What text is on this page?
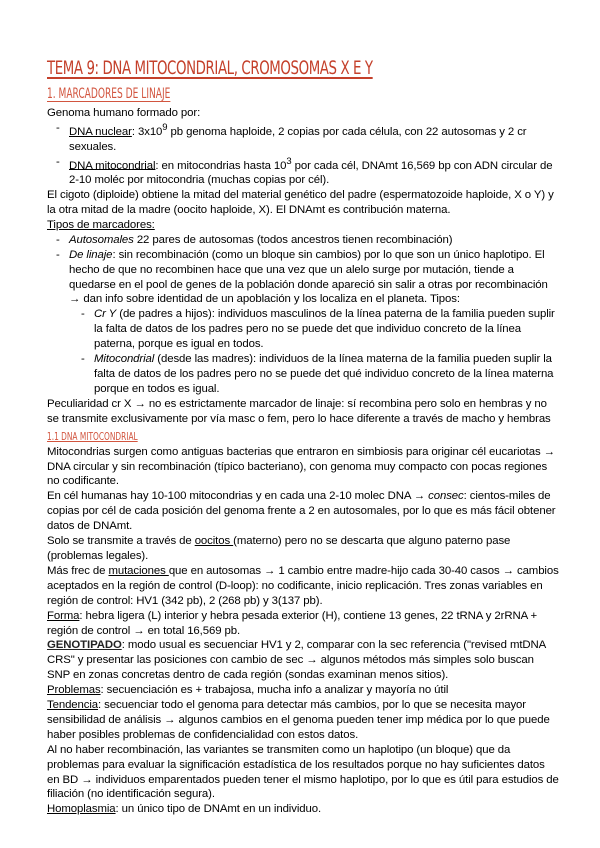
TEMA 9: DNA MITOCONDRIAL, CROMOSOMAS X E Y
1. MARCADORES DE LINAJE

Genoma humano formado por:

- DNA nuclear: $3x10^9$ pb genoma haploide, 2 copias por cada célula, con 22 autosomas y 2 cr sexuales.

- DNA mitocondrial: en mitocondrias hasta $10^3$ por cada cél, DNAmt 16,569 bp con ADN circular de 2-10 moléc por mitocondria (muchas copias por cél).

El cigoto (diploide) obtiene la mitad del material genético del padre (espermatozoide haploide, X o Y) y la otra mitad de la madre (oocito haploide, X). El DNAmt es contribución materna.

Tipos de marcadores:

- Autosomales 22 pares de autosomas (todos ancestros tienen recombinación)

- De linaje: sin recombinación (como un bloque sin cambios) por lo que son un único haplotipo. El hecho de que no recombinen hace que una vez que un alelo surge por mutación, tiende a quedarse en el pool de genes de la población donde apareció sin salir a otras por recombinación → dan info sobre identidad de un apoblación y los localiza en el planeta. Tipos:

- Cr Y (de padres a hijos): individuos masculinos de la línea paterna de la familia pueden suplir la falta de datos de los padres pero no se puede det que individuo concreto de la línea paterna, porque es igual en todos.

- Mitocondrial (desde las madres): individuos de la línea materna de la familia pueden suplir la falta de datos de los padres pero no se puede det qué individuo concreto de la línea materna porque en todos es igual.

Peculiaridad cr X → no es estrictamente marcador de linaje: sí recombina pero solo en hembras y no se transmite exclusivamente por vía masc o fem, pero lo hace diferente a través de macho y hembras

1.1 DNA MITOCONDRIAL

Mitocondrias surgen como antiguas bacterias que entraron en simbiosis para originar cél eucariotas → DNA circular y sin recombinación (típico bacteriano), con genoma muy compacto con pocas regiones no codificante.

En cél humanas hay 10-100 mitocondrias y en cada una 2-10 molec DNA → consec: cientos-miles de copias por cél de cada posición del genoma frente a 2 en autosomales, por lo que es más fácil obtener datos de DNAmt.

Solo se transmite a través de oocitos (materno) pero no se descarta que alguno paterno pase (problemas legales).

Más frec de mutaciones que en autosomas → 1 cambio entre madre-hijo cada 30-40 casos → cambios aceptados en la región de control (D-loop): no codificante, inicio replicación. Tres zonas variables en región de control: HV1 (342 pb), 2 (268 pb) y 3(137 pb).

Forma: hebra ligera (L) interior y hebra pesada exterior (H), contiene 13 genes, 22 tRNA y 2rRNA + región de control → en total 16,569 pb.

GENOTIPADO: modo usual es secuenciar HV1 y 2, comparar con la sec referencia ("revised mtDNA CRS" y presentar las posiciones con cambio de sec → algunos métodos más simples solo buscan SNP en zonas concretas dentro de cada región (sondas examinan menos sitios).

Problemas: secuenciación es + trabajosa, mucha info a analizar y mayoría no útil

Tendencia: secuenciar todo el genoma para detectar más cambios, por lo que se necesita mayor sensibilidad de análisis → algunos cambios en el genoma pueden tener imp médica por lo que puede haber posibles problemas de confidencialidad con estos datos.

Al no haber recombinación, las variantes se transmiten como un haplotipo (un bloque) que da problemas para evaluar la significación estadística de los resultados porque no hay suficientes datos en BD → individuos emparentados pueden tener el mismo haplotipo, por lo que es útil para estudios de filiación (no identificación segura).

Homoplasmia: un único tipo de DNAmt en un individuo.
